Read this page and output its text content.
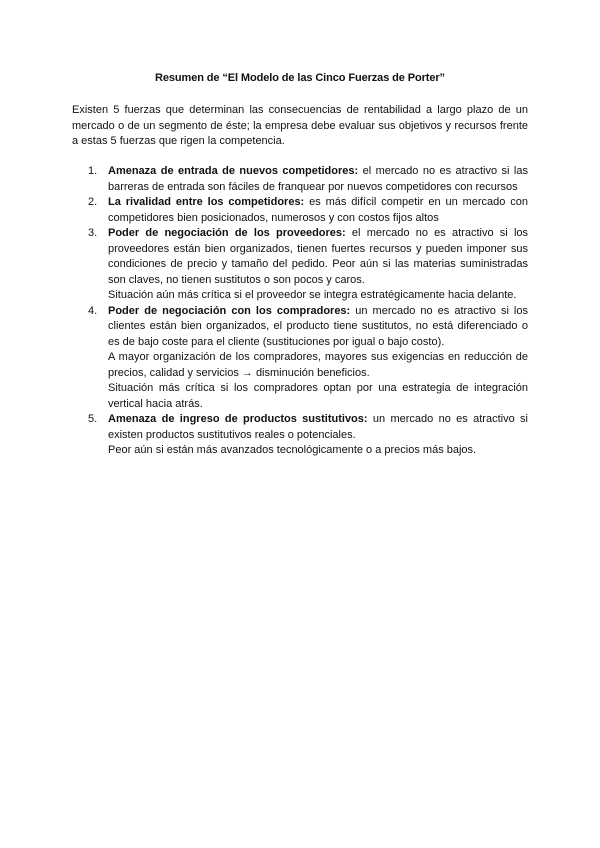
Resumen de “El Modelo de las Cinco Fuerzas de Porter”

Existen 5 fuerzas que determinan las consecuencias de rentabilidad a largo plazo de un mercado o de un segmento de éste; la empresa debe evaluar sus objetivos y recursos frente a estas 5 fuerzas que rigen la competencia.

1. Amenaza de entrada de nuevos competidores: el mercado no es atractivo si las barreras de entrada son fáciles de franquear por nuevos competidores con recursos

2. La rivalidad entre los competidores: es más difícil competir en un mercado con competidores bien posicionados, numerosos y con costos fijos altos

3. Poder de negociación de los proveedores: el mercado no es atractivo si los proveedores están bien organizados, tienen fuertes recursos y pueden imponer sus condiciones de precio y tamaño del pedido. Peor aún si las materias suministradas son claves, no tienen sustitutos o son pocos y caros.

Situación aún más crítica si el proveedor se integra estratégicamente hacia delante.

4. Poder de negociación con los compradores: un mercado no es atractivo si los clientes están bien organizados, el producto tiene sustitutos, no está diferenciado o es de bajo coste para el cliente (sustituciones por igual o bajo costo).

A mayor organización de los compradores, mayores sus exigencias en reducción de precios, calidad y servicios → disminución beneficios.

Situación más crítica si los compradores optan por una estrategia de integración vertical hacia atrás.

5. Amenaza de ingreso de productos sustitutivos: un mercado no es atractivo si existen productos sustitutivos reales o potenciales.

Peor aún si están más avanzados tecnológicamente o a precios más bajos.
